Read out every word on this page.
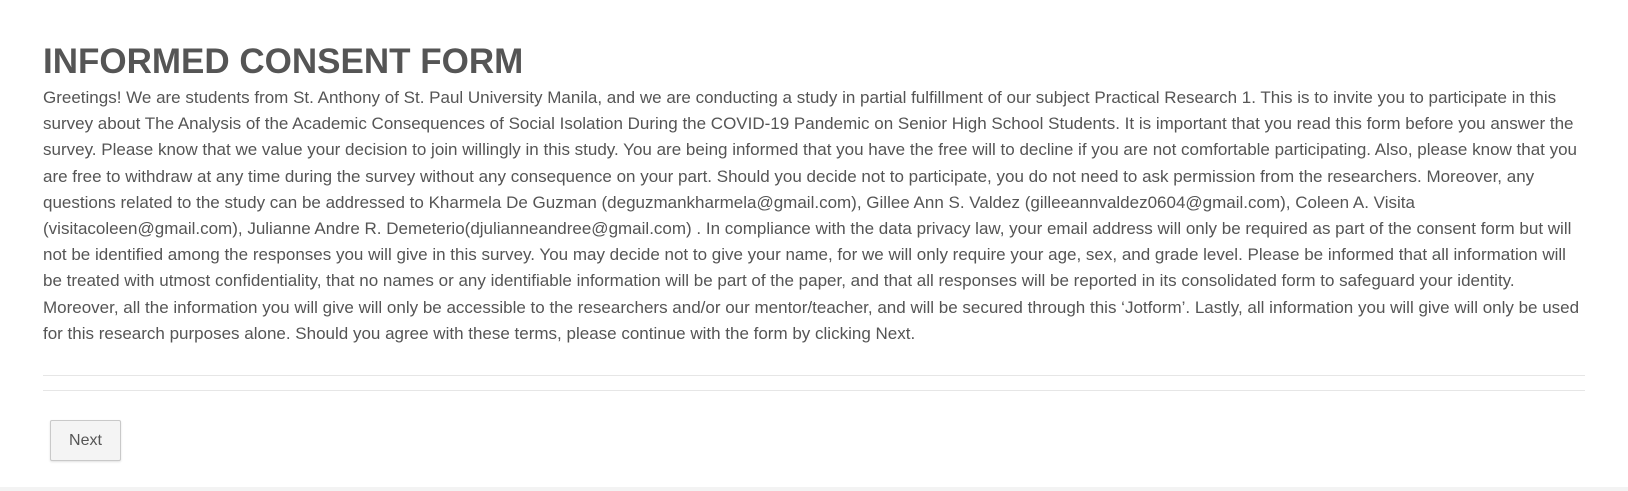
INFORMED CONSENT FORM

Greetings! We are students from St. Anthony of St. Paul University Manila, and we are conducting a study in partial fulfillment of our subject Practical Research 1. This is to invite you to participate in this survey about The Analysis of the Academic Consequences of Social Isolation During the COVID-19 Pandemic on Senior High School Students. It is important that you read this form before you answer the survey. Please know that we value your decision to join willingly in this study. You are being informed that you have the free will to decline if you are not comfortable participating. Also, please know that you are free to withdraw at any time during the survey without any consequence on your part. Should you decide not to participate, you do not need to ask permission from the researchers. Moreover, any questions related to the study can be addressed to Kharmela De Guzman (deguzmankharmela@gmail.com), Gillee Ann S. Valdez (gilleeannvaldez0604@gmail.com), Coleen A. Visita (visitacoleen@gmail.com), Julianne Andre R. Demeterio(djulianneandree@gmail.com) . In compliance with the data privacy law, your email address will only be required as part of the consent form but will not be identified among the responses you will give in this survey. You may decide not to give your name, for we will only require your age, sex, and grade level. Please be informed that all information will be treated with utmost confidentiality, that no names or any identifiable information will be part of the paper, and that all responses will be reported in its consolidated form to safeguard your identity. Moreover, all the information you will give will only be accessible to the researchers and/or our mentor/teacher, and will be secured through this ‘Jotform’. Lastly, all information you will give will only be used for this research purposes alone. Should you agree with these terms, please continue with the form by clicking Next.

Next
